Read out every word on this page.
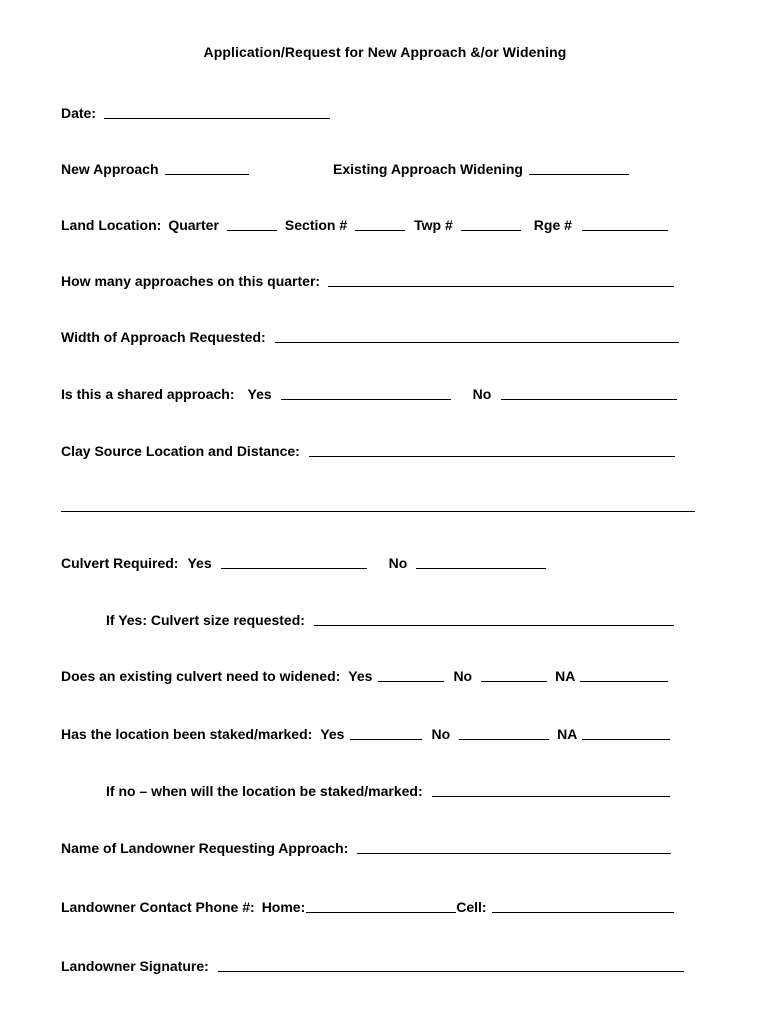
Application/Request for New Approach &/or Widening
Date:
New Approach	Existing Approach Widening
Land Location: Quarter	Section #	Twp #	Rge #
How many approaches on this quarter:
Width of Approach Requested:
Is this a shared approach: Yes	No
Clay Source Location and Distance:
Culvert Required: Yes	No
If Yes: Culvert size requested:
Does an existing culvert need to widened: Yes	No	NA
Has the location been staked/marked: Yes	No	NA
If no – when will the location be staked/marked:
Name of Landowner Requesting Approach:
Landowner Contact Phone #: Home:	Cell:
Landowner Signature:
